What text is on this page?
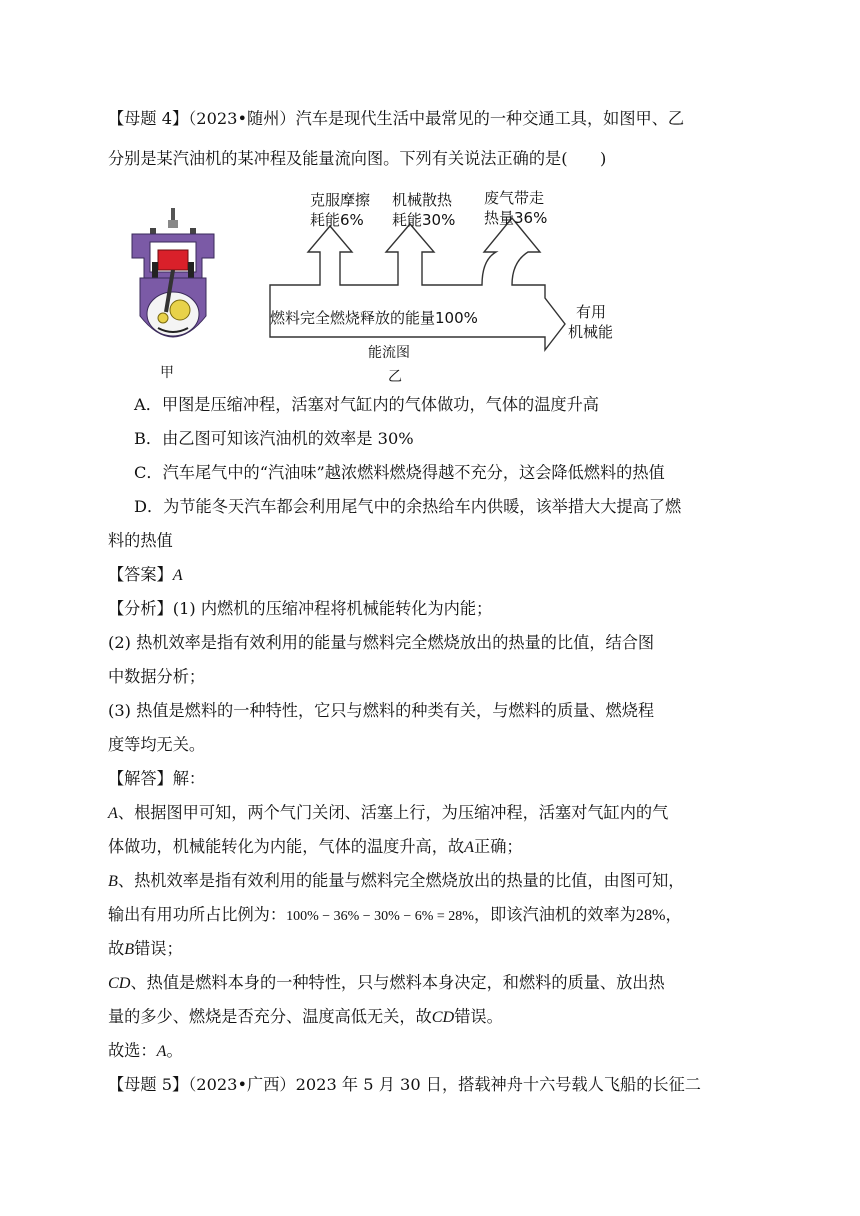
【母题 4】（2023•随州）汽车是现代生活中最常见的一种交通工具，如图甲、乙
分别是某汽油机的某冲程及能量流向图。下列有关说法正确的是(　　)
甲
克服摩擦
耗能6%
机械散热
耗能30%
废气带走
热量36%
燃料完全燃烧释放的能量100%	有用
机械能
能流图
乙
A．甲图是压缩冲程，活塞对气缸内的气体做功，气体的温度升高
B．由乙图可知该汽油机的效率是 30%
C．汽车尾气中的“汽油味”越浓燃料燃烧得越不充分，这会降低燃料的热值
D．为节能冬天汽车都会利用尾气中的余热给车内供暖，该举措大大提高了燃
料的热值
【答案】A
【分析】(1) 内燃机的压缩冲程将机械能转化为内能；
(2) 热机效率是指有效利用的能量与燃料完全燃烧放出的热量的比值，结合图
中数据分析；
(3) 热值是燃料的一种特性，它只与燃料的种类有关，与燃料的质量、燃烧程
度等均无关。
【解答】解：
A、根据图甲可知，两个气门关闭、活塞上行，为压缩冲程，活塞对气缸内的气
体做功，机械能转化为内能，气体的温度升高，故A正确；
B、热机效率是指有效利用的能量与燃料完全燃烧放出的热量的比值，由图可知，
输出有用功所占比例为：100% − 36% − 30% − 6% = 28%，即该汽油机的效率为28%，
故B错误；
CD、热值是燃料本身的一种特性，只与燃料本身决定，和燃料的质量、放出热
量的多少、燃烧是否充分、温度高低无关，故CD错误。
故选：A。
【母题 5】（2023•广西）2023 年 5 月 30 日，搭载神舟十六号载人飞船的长征二
